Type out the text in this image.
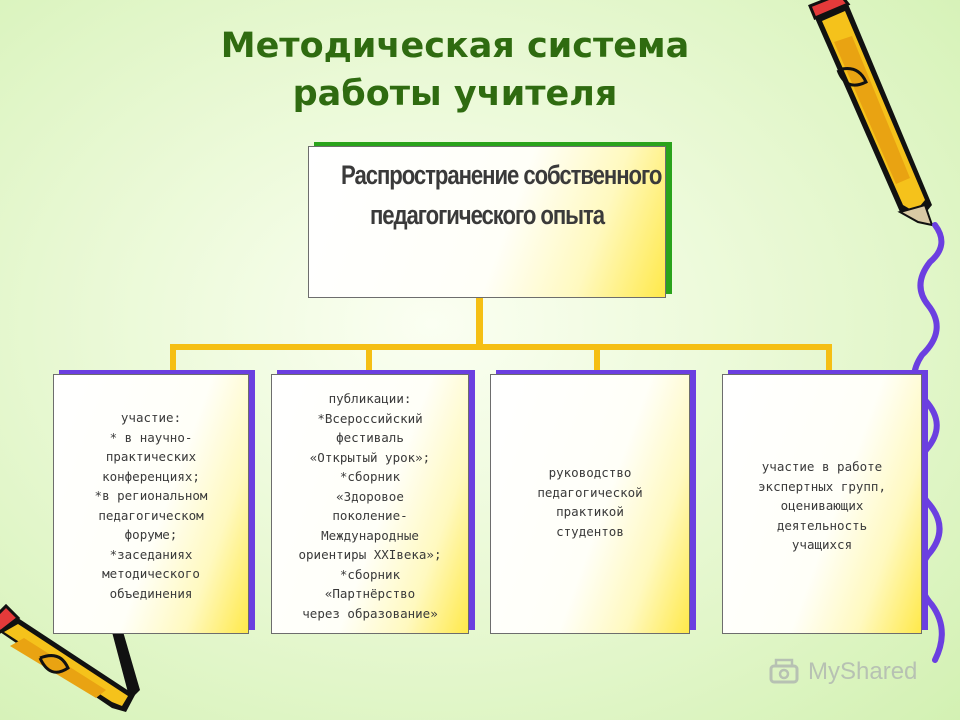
Методическая система
работы учителя
Распространение собственного
педагогического опыта
участие:
* в научно-
практических
конференциях;
*в региональном
педагогическом
форуме;
*заседаниях
методического
объединения
публикации:
*Всероссийский
фестиваль
«Открытый урок»;
*сборник
«Здоровое
поколение-
Международные
ориентиры XXIвека»;
*сборник
«Партнёрство
через образование»
руководство
педагогической
практикой
студентов
участие в работе
экспертных групп,
оценивающих
деятельность
учащихся
MyShared
